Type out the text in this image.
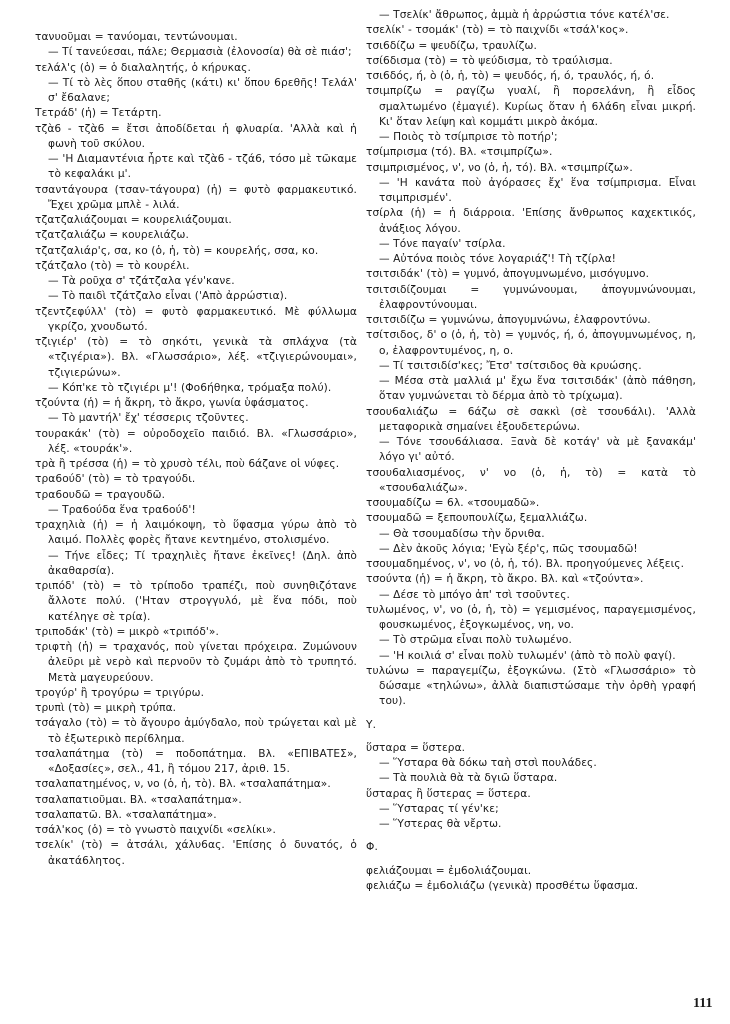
τανυοῦμαι = τανύομαι, τεντώνουμαι.

— Τί τανεύεσαι, πάλε; Θερμασιὰ (ἐλονοσία) θὰ σὲ πιάσ';

τελάλ'ς (ὁ) = ὁ διαλαλητής, ὁ κήρυκας.

— Τί τὸ λὲς ὅπου σταθῆς (κάτι) κι' ὅπου 6ρεθῆς! Τελάλ' σ' ἔ6αλανε;

Τετράδ' (ἡ) = Τετάρτη.

τζὰ6 - τζὰ6 = ἔτσι ἀποδίδεται ἡ φλυαρία. 'Αλλὰ καὶ ἡ φωνὴ τοῦ σκύλου.

— 'Η Διαμαντένια ἦρτε καὶ τζὰ6 - τζά6, τόσο μὲ τῶκαμε τὸ κεφαλάκι μ'.

τσαντάγουρα (τσαν-τάγουρα) (ἡ) = φυτὸ φαρμακευτικό. Ἔχει χρῶμα μπλὲ - λιλά.

τζατζαλιάζουμαι = κουρελιάζουμαι.

τζατζαλιάζω = κουρελιάζω.

τζατζαλιάρ'ς, σα, κο (ὁ, ἡ, τὸ) = κουρελής, σσα, κο.

τζάτζαλο (τὸ) = τὸ κουρέλι.

— Τὰ ροῦχα σ' τζάτζαλα γέν'κανε.

— Τὸ παιδὶ τζάτζαλο εἶναι ('Απὸ ἀρρώστια).

τζεντζεφύλλ' (τὸ) = φυτὸ φαρμακευτικό. Μὲ φύλλωμα γκρίζο, χνουδωτό.

τζιγιέρ' (τὸ) = τὸ σηκότι, γενικὰ τὰ σπλάχνα (τὰ «τζιγέρια»). Βλ. «Γλωσσάριο», λέξ. «τζιγιερώνουμαι», τζιγιερώνω».

— Κόπ'κε τὸ τζιγιέρι μ'! (Φο6ήθηκα, τρόμαξα πολύ).

τζούντα (ἡ) = ἡ ἄκρη, τὸ ἄκρο, γωνία ὑφάσματος.

— Τὸ μαντήλ' ἔχ' τέσσερις τζοῦντες.

τουρακάκ' (τὸ) = οὐροδοχεῖο παιδιό. Βλ. «Γλωσσάριο», λέξ. «τουράκ'».

τρὰ ἢ τρέσσα (ἡ) = τὸ χρυσὸ τέλι, ποὺ 6άζανε οἱ νύφες.

τρα6ούδ' (τὸ) = τὸ τραγούδι.

τρα6ουδῶ = τραγουδῶ.

— Τρα6ούδα ἕνα τρα6ούδ'!

τραχηλιὰ (ἡ) = ἡ λαιμόκοψη, τὸ ὕφασμα γύρω ἀπὸ τὸ λαιμό. Πολλὲς φορὲς ἤτανε κεντημένο, στολισμένο.

— Τήνε εἶδες; Τί τραχηλιὲς ἤτανε ἐκεῖνες! (Δηλ. ἀπὸ ἀκαθαρσία).

τριπόδ' (τὸ) = τὸ τρίποδο τραπέζι, ποὺ συνηθιζότανε ἄλλοτε πολύ. ('Ηταν στρογγυλό, μὲ ἕνα πόδι, ποὺ κατέληγε σὲ τρία).

τριποδάκ' (τὸ) = μικρὸ «τριπόδ'».

τριφτὴ (ἡ) = τραχανός, ποὺ γίνεται πρόχειρα. Ζυμώνουν ἀλεῦρι μὲ νερὸ καὶ περνοῦν τὸ ζυμάρι ἀπὸ τὸ τρυπητό. Μετὰ μαγευρεύουν.

τρογύρ' ἢ τρογύρω = τριγύρω.

τρυπὶ (τὸ) = μικρὴ τρύπα.

τσάγαλο (τὸ) = τὸ ἄγουρο ἀμύγδαλο, ποὺ τρώγεται καὶ μὲ τὸ ἐξωτερικὸ περί6λημα.

τσαλαπάτημα (τὸ) = ποδοπάτημα. Βλ. «ΕΠΙΒΑΤΕΣ», «Δοξασίες», σελ., 41, ἢ τόμου 217, ἀριθ. 15.

τσαλαπατημένος, ν, νο (ὁ, ἡ, τὸ). Βλ. «τσαλαπάτημα».

τσαλαπατιοῦμαι. Βλ. «τσαλαπάτημα».

τσαλαπατῶ. Βλ. «τσαλαπάτημα».

τσάλ'κος (ὁ) = τὸ γνωστὸ παιχνίδι «σελίκι».

τσελίκ' (τὸ) = ἀτσάλι, χάλυ6ας. 'Επίσης ὁ δυνατός, ὁ ἀκατά6λητος.

— Τσελίκ' ἄθρωπος, ἀμμὰ ἡ ἀρρώστια τόνε κατέλ'σε.

τσελίκ' - τσομάκ' (τὸ) = τὸ παιχνίδι «τσάλ'κος».

τσι6δίζω = ψευδίζω, τραυλίζω.

τσί6δισμα (τὸ) = τὸ ψεύδισμα, τὸ τραύλισμα.

τσι6δός, ή, ὸ (ὁ, ἡ, τὸ) = ψευδός, ή, ό, τραυλός, ή, ό.

τσιμπρίζω = ραγίζω γυαλί, ἢ πορσελάνη, ἢ εἶδος σμαλτωμένο (ἐμαγιέ). Κυρίως ὅταν ἡ 6λά6η εἶναι μικρή. Κι' ὅταν λείψη καὶ κομμάτι μικρὸ ἀκόμα.

— Ποιὸς τὸ τσίμπρισε τὸ ποτήρ';

τσίμπρισμα (τό). Βλ. «τσιμπρίζω».

τσιμπρισμένος, ν', νο (ὁ, ἡ, τό). Βλ. «τσιμπρίζω».

— 'Η κανάτα ποὺ ἀγόρασες ἔχ' ἕνα τσίμπρισμα. Εἶναι τσιμπρισμέν'.

τσίρλα (ἡ) = ἡ διάρροια. 'Επίσης ἄνθρωπος καχεκτικός, ἀνάξιος λόγου.

— Τόνε παγαίν' τσίρλα.

— Αὐτόνα ποιὸς τόνε λογαριάζ'! Τὴ τζίρλα!

τσιτσιδάκ' (τὸ) = γυμνό, ἀπογυμνωμένο, μισόγυμνο.

τσιτσιδίζουμαι = γυμνώνουμαι, ἀπογυμνώνουμαι, ἐλαφροντύνουμαι.

τσιτσιδίζω = γυμνώνω, ἀπογυμνώνω, ἐλαφροντύνω.

τσίτσιδος, δ' ο (ὁ, ἡ, τὸ) = γυμνός, ή, ό, ἀπογυμνωμένος, η, ο, ἐλαφροντυμένος, η, ο.

— Τί τσιτσιδίσ'κες; Ἔτσ' τσίτσιδος θὰ κρυώσης.

— Μέσα στὰ μαλλιά μ' ἔχω ἕνα τσιτσιδάκ' (ἀπὸ πάθηση, ὅταν γυμνώνεται τὸ δέρμα ἀπὸ τὸ τρίχωμα).

τσου6αλιάζω = 6άζω σὲ σακκὶ (σὲ τσου6άλι). 'Αλλὰ μεταφορικὰ σημαίνει ἐξουδετερώνω.

— Τόνε τσου6άλιασα. Ξανὰ δὲ κοτάγ' νὰ μὲ ξανακάμ' λόγο γι' αὐτό.

τσου6αλιασμένος, ν' νο (ὁ, ἡ, τὸ) = κατὰ τὸ «τσου6αλιάζω».

τσουμαδίζω = 6λ. «τσουμαδῶ».

τσουμαδῶ = ξεπουπουλίζω, ξεμαλλιάζω.

— Θὰ τσουμαδίσω τὴν ὄρνιθα.

— Δὲν ἀκοῦς λόγια; 'Εγὼ ξέρ'ς, πῶς τσουμαδῶ!

τσουμαδημένος, ν', νο (ὁ, ἡ, τό). Βλ. προηγούμενες λέξεις.

τσούντα (ἡ) = ἡ ἄκρη, τὸ ἄκρο. Βλ. καὶ «τζούντα».

— Δέσε τὸ μπόγο ἀπ' τσὶ τσοῦντες.

τυλωμένος, ν', νο (ὁ, ἡ, τὸ) = γεμισμένος, παραγεμισμένος, φουσκωμένος, ἐξογκωμένος, νη, νο.

— Τὸ στρῶμα εἶναι πολὺ τυλωμένο.

— 'Η κοιλιά σ' εἶναι πολὺ τυλωμέν' (ἀπὸ τὸ πολὺ φαγί).

τυλώνω = παραγεμίζω, ἐξογκώνω. (Στὸ «Γλωσσάριο» τὸ δώσαμε «τηλώνω», ἀλλὰ διαπιστώσαμε τὴν ὀρθὴ γραφή του).

Υ.

ὕσταρα = ὕστερα.

— Ὕσταρα θὰ δόκω ταὴ στσὶ πουλάδες.

— Τὰ πουλιὰ θὰ τὰ δγιῶ ὕσταρα.

ὕσταρας ἢ ὕστερας = ὕστερα.

— Ὕσταρας τί γέν'κε;

— Ὕστερας θὰ νἔρτω.

Φ.

φελιάζουμαι = ἐμ6ολιάζουμαι.

φελιάζω = ἐμ6ολιάζω (γενικὰ) προσθέτω ὕφασμα.

111
